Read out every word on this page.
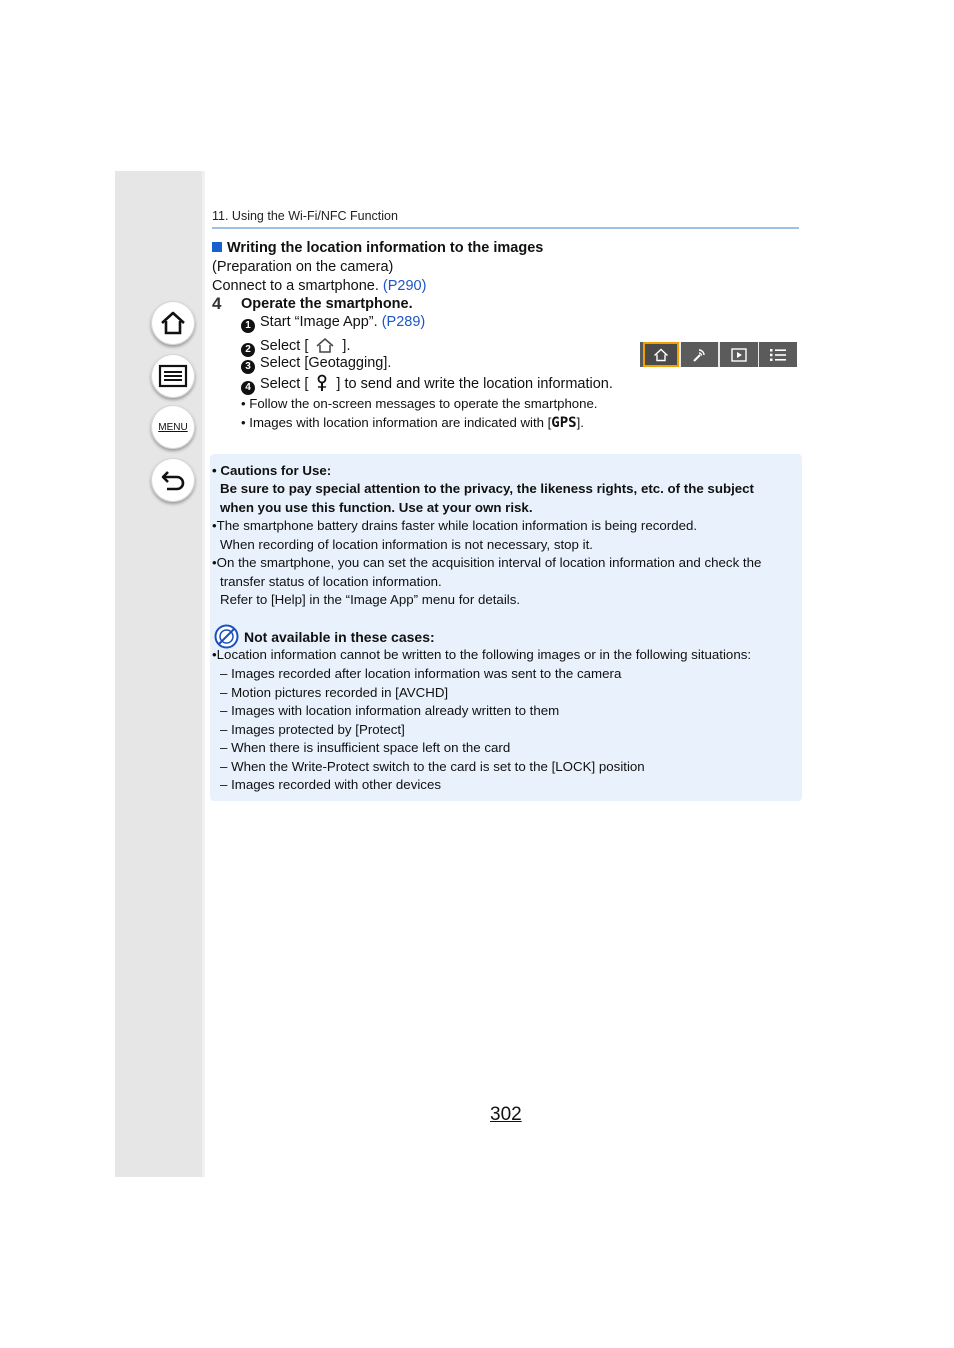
MENU
11. Using the Wi-Fi/NFC Function
Writing the location information to the images
(Preparation on the camera)
Connect to a smartphone. (P290)
4 Operate the smartphone.
1 Start “Image App”. (P289)
2 Select [ ].
3 Select [Geotagging].
4 Select [ ] to send and write the location information.
• Follow the on-screen messages to operate the smartphone.
• Images with location information are indicated with [GPS].
• Cautions for Use:
Be sure to pay special attention to the privacy, the likeness rights, etc. of the subject
when you use this function. Use at your own risk.
•The smartphone battery drains faster while location information is being recorded.
When recording of location information is not necessary, stop it.
•On the smartphone, you can set the acquisition interval of location information and check the
transfer status of location information.
Refer to [Help] in the “Image App” menu for details.
Not available in these cases:
•Location information cannot be written to the following images or in the following situations:
– Images recorded after location information was sent to the camera
– Motion pictures recorded in [AVCHD]
– Images with location information already written to them
– Images protected by [Protect]
– When there is insufficient space left on the card
– When the Write-Protect switch to the card is set to the [LOCK] position
– Images recorded with other devices
302
